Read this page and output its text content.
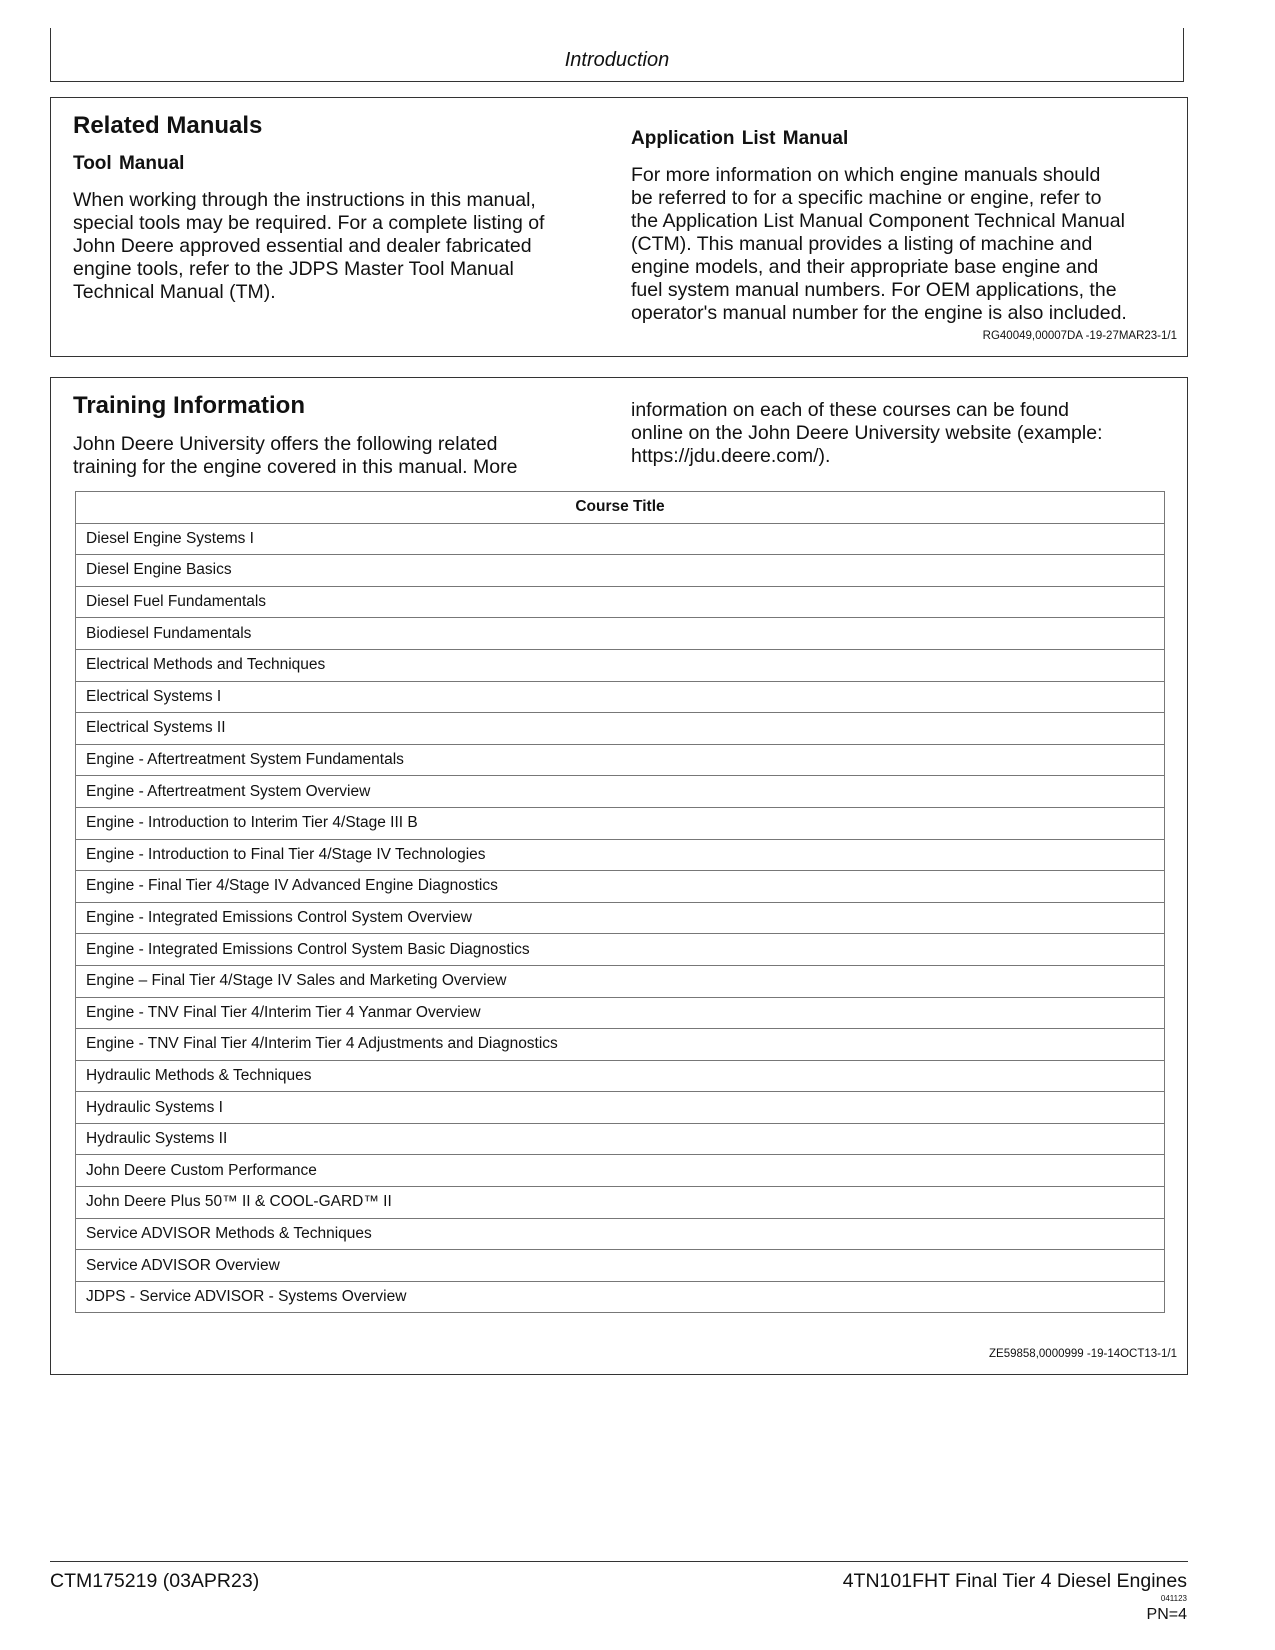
Introduction
Related Manuals
Tool Manual
When working through the instructions in this manual,
special tools may be required. For a complete listing of
John Deere approved essential and dealer fabricated
engine tools, refer to the JDPS Master Tool Manual
Technical Manual (TM).
Application List Manual
For more information on which engine manuals should
be referred to for a specific machine or engine, refer to
the Application List Manual Component Technical Manual
(CTM). This manual provides a listing of machine and
engine models, and their appropriate base engine and
fuel system manual numbers. For OEM applications, the
operator's manual number for the engine is also included.
RG40049,00007DA -19-27MAR23-1/1
Training Information
John Deere University offers the following related
training for the engine covered in this manual. More
information on each of these courses can be found
online on the John Deere University website (example:
https://jdu.deere.com/).
Course Title
Diesel Engine Systems I
Diesel Engine Basics
Diesel Fuel Fundamentals
Biodiesel Fundamentals
Electrical Methods and Techniques
Electrical Systems I
Electrical Systems II
Engine - Aftertreatment System Fundamentals
Engine - Aftertreatment System Overview
Engine - Introduction to Interim Tier 4/Stage III B
Engine - Introduction to Final Tier 4/Stage IV Technologies
Engine - Final Tier 4/Stage IV Advanced Engine Diagnostics
Engine - Integrated Emissions Control System Overview
Engine - Integrated Emissions Control System Basic Diagnostics
Engine – Final Tier 4/Stage IV Sales and Marketing Overview
Engine - TNV Final Tier 4/Interim Tier 4 Yanmar Overview
Engine - TNV Final Tier 4/Interim Tier 4 Adjustments and Diagnostics
Hydraulic Methods & Techniques
Hydraulic Systems I
Hydraulic Systems II
John Deere Custom Performance
John Deere Plus 50™ II & COOL-GARD™ II
Service ADVISOR Methods & Techniques
Service ADVISOR Overview
JDPS - Service ADVISOR - Systems Overview
ZE59858,0000999 -19-14OCT13-1/1
CTM175219 (03APR23)	4TN101FHT Final Tier 4 Diesel Engines
041123
PN=4
